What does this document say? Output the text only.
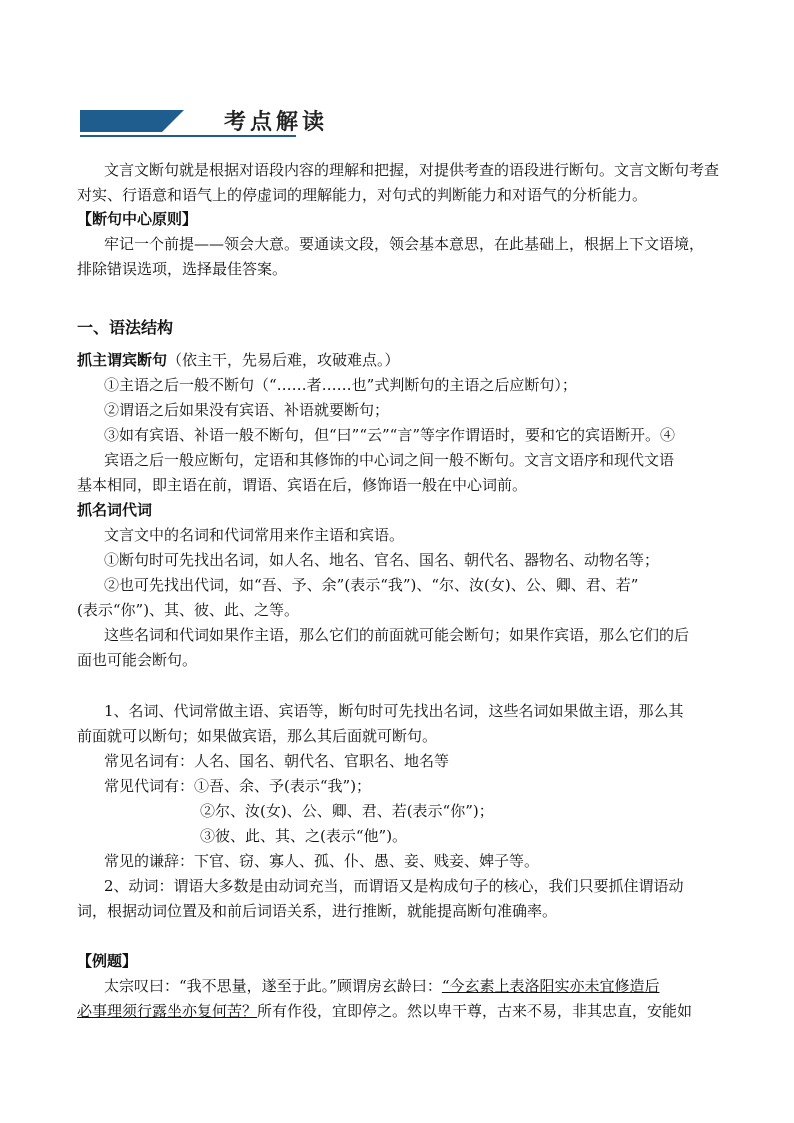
考点解读
文言文断句就是根据对语段内容的理解和把握，对提供考查的语段进行断句。文言文断句考查
对实、行语意和语气上的停虚词的理解能力，对句式的判断能力和对语气的分析能力。
【断句中心原则】
牢记一个前提——领会大意。要通读文段，领会基本意思，在此基础上，根据上下文语境，
排除错误选项，选择最佳答案。
一、语法结构
抓主谓宾断句（依主干，先易后难，攻破难点。）
①主语之后一般不断句（“……者……也”式判断句的主语之后应断句）；
②谓语之后如果没有宾语、补语就要断句；
③如有宾语、补语一般不断句，但“曰”“云”“言”等字作谓语时，要和它的宾语断开。④
宾语之后一般应断句，定语和其修饰的中心词之间一般不断句。文言文语序和现代文语
基本相同，即主语在前，谓语、宾语在后，修饰语一般在中心词前。
抓名词代词
文言文中的名词和代词常用来作主语和宾语。
①断句时可先找出名词，如人名、地名、官名、国名、朝代名、器物名、动物名等；
②也可先找出代词，如“吾、予、余”(表示“我”)、“尔、汝(女)、公、卿、君、若”
(表示“你”)、其、彼、此、之等。
这些名词和代词如果作主语，那么它们的前面就可能会断句；如果作宾语，那么它们的后
面也可能会断句。
1、名词、代词常做主语、宾语等，断句时可先找出名词，这些名词如果做主语，那么其
前面就可以断句；如果做宾语，那么其后面就可断句。
常见名词有：人名、国名、朝代名、官职名、地名等
常见代词有：①吾、余、予(表示“我”)；
②尔、汝(女)、公、卿、君、若(表示“你”)；
③彼、此、其、之(表示“他”)。
常见的谦辞：下官、窃、寡人、孤、仆、愚、妾、贱妾、婢子等。
2、动词：谓语大多数是由动词充当，而谓语又是构成句子的核心，我们只要抓住谓语动
词，根据动词位置及和前后词语关系，进行推断，就能提高断句准确率。
【例题】
太宗叹曰：“我不思量，遂至于此。”顾谓房玄龄曰：“今玄素上表洛阳实亦未宜修造后
必事理须行露坐亦复何苦？所有作役，宜即停之。然以卑干尊，古来不易，非其忠直，安能如
